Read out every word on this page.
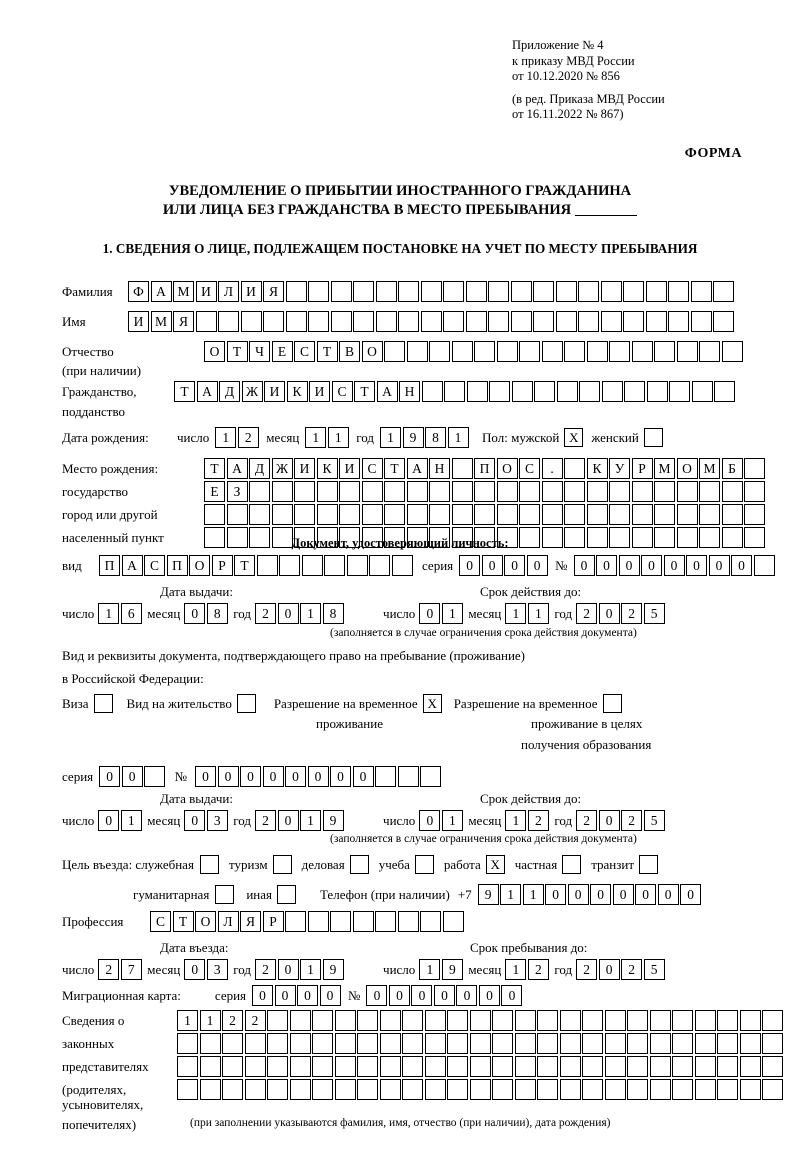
Приложение № 4
к приказу МВД России
от 10.12.2020 № 856
(в ред. Приказа МВД России
от 16.11.2022 № 867)
ФОРМА
УВЕДОМЛЕНИЕ О ПРИБЫТИИ ИНОСТРАННОГО ГРАЖДАНИНА
ИЛИ ЛИЦА БЕЗ ГРАЖДАНСТВА В МЕСТО ПРЕБЫВАНИЯ
1. СВЕДЕНИЯ О ЛИЦЕ, ПОДЛЕЖАЩЕМ ПОСТАНОВКЕ НА УЧЕТ ПО МЕСТУ ПРЕБЫВАНИЯ
Фамилия	Ф А М И Л И Я
Имя	И М Я
Отчество	О	Т	Ч	Е	С	Т	В О
(при наличии)
Гражданство,	Т	А Д Ж И К И С	Т	А Н
подданство
Дата рождения:	число 1	2	месяц 1	1	год 1	9	8	1	Пол: мужской X женский
Место рождения:	Т	А Д Ж И К И С	Т	А Н	П О С	.	К У	Р М О М Б
государство	Е	З
город или другой
населенный пункт	Документ, удостоверяющий личность:
вид	П А С П О	Р	Т	серия 0	0	0	0	№ 0	0	0	0	0	0	0	0
Дата выдачи:	Срок действия до:
число 1	6 месяц 0	8 год 2	0	1	8	число 0	1 месяц 1	1 год 2	0	2	5
(заполняется в случае ограничения срока действия документа)
Вид и реквизиты документа, подтверждающего право на пребывание (проживание)
в Российской Федерации:
Виза	Вид на жительство	Разрешение на временное X	Разрешение на временное
проживание	проживание в целях
получения образования
серия 0	0	№	0	0	0	0	0	0	0	0
Дата выдачи:	Срок действия до:
число 0	1 месяц 0	3 год 2	0	1	9	число 0	1 месяц 1	2 год 2	0	2	5
(заполняется в случае ограничения срока действия документа)
Цель въезда: служебная	туризм	деловая	учеба	работа X	частная	транзит
гуманитарная	иная	Телефон (при наличии) +7 9	1	1	0	0	0	0	0	0	0
Профессия	С	Т	О Л Я	Р
Дата въезда:	Срок пребывания до:
число 2	7 месяц 0	3 год 2	0	1	9	число 1	9 месяц 1	2 год 2	0	2	5
Миграционная карта:	серия 0	0	0	0	№ 0	0	0	0	0	0	0
Сведения о	1	1	2	2
законных
представителях
(родителях,
усыновителях,
попечителях)	(при заполнении указываются фамилия, имя, отчество (при наличии), дата рождения)
